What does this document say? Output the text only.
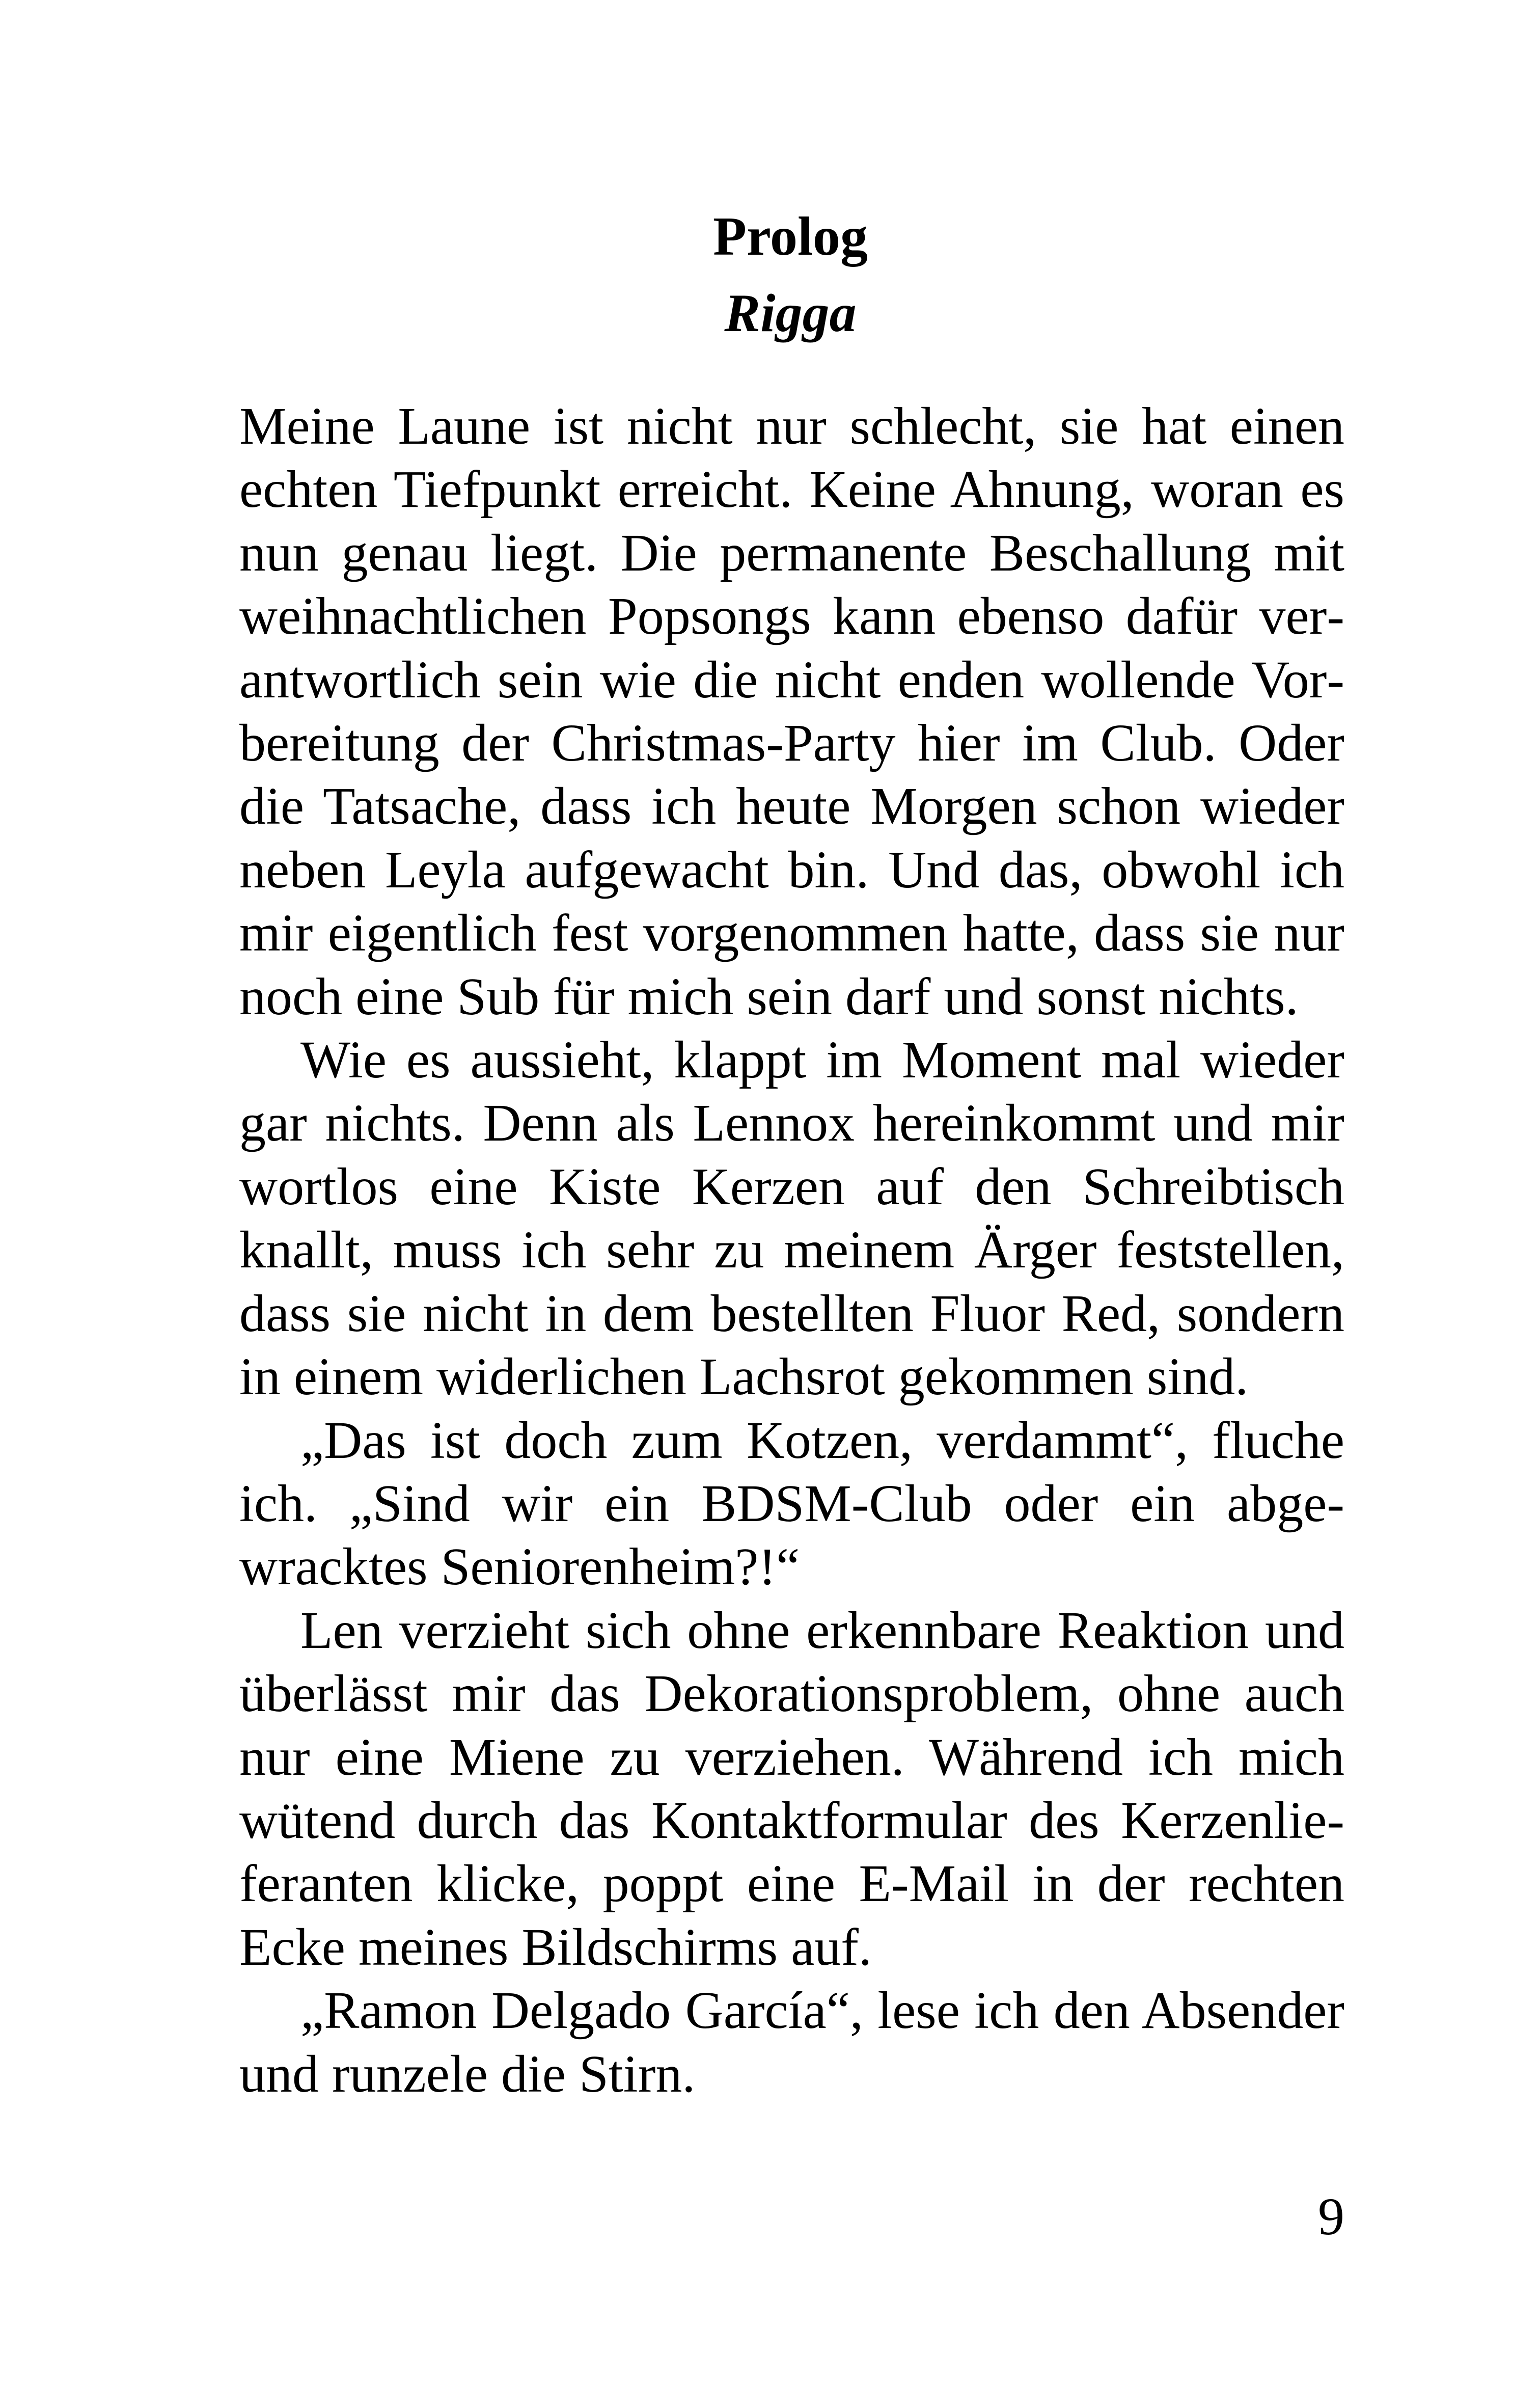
Prolog
Rigga

Meine Laune ist nicht nur schlecht, sie hat einen echten Tiefpunkt erreicht. Keine Ahnung, woran es nun genau liegt. Die permanente Beschallung mit weihnachtlichen Popsongs kann ebenso dafür verantwortlich sein wie die nicht enden wollende Vorbereitung der Christmas-Party hier im Club. Oder die Tatsache, dass ich heute Morgen schon wieder neben Leyla aufgewacht bin. Und das, obwohl ich mir eigentlich fest vorgenommen hatte, dass sie nur noch eine Sub für mich sein darf und sonst nichts.

Wie es aussieht, klappt im Moment mal wieder gar nichts. Denn als Lennox hereinkommt und mir wortlos eine Kiste Kerzen auf den Schreibtisch knallt, muss ich sehr zu meinem Ärger feststellen, dass sie nicht in dem bestellten Fluor Red, sondern in einem widerlichen Lachsrot gekommen sind.

„Das ist doch zum Kotzen, verdammt“, fluche ich. „Sind wir ein BDSM-Club oder ein abgewracktes Seniorenheim?!“

Len verzieht sich ohne erkennbare Reaktion und überlässt mir das Dekorationsproblem, ohne auch nur eine Miene zu verziehen. Während ich mich wütend durch das Kontaktformular des Kerzenlieferanten klicke, poppt eine E-Mail in der rechten Ecke meines Bildschirms auf.

„Ramon Delgado García“, lese ich den Absender und runzele die Stirn.

9
